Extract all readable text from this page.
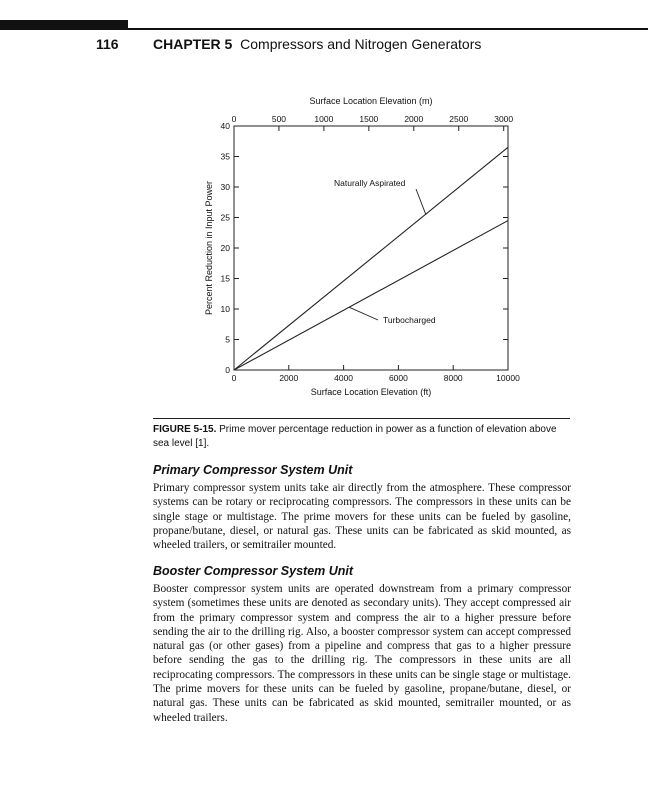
116 CHAPTER 5 Compressors and Nitrogen Generators
0	2000	4000	6000	8000	10000
0	500	1000	1500	2000	2500	3000
0
5
10
15
20
25
30
35
40
Surface Location Elevation (ft)
Surface Location Elevation (m)
Percent Reduction in Input Power	Naturally Aspirated
Turbocharged
FIGURE 5-15. Prime mover percentage reduction in power as a function of elevation above sea level [1].
Primary Compressor System Unit
Primary compressor system units take air directly from the atmosphere. These compressor systems can be rotary or reciprocating compressors. The compressors in these units can be single stage or multistage. The prime movers for these units can be fueled by gasoline, propane/butane, diesel, or natural gas. These units can be fabricated as skid mounted, as wheeled trailers, or semitrailer mounted.
Booster Compressor System Unit
Booster compressor system units are operated downstream from a primary compressor system (sometimes these units are denoted as secondary units). They accept compressed air from the primary compressor system and compress the air to a higher pressure before sending the air to the drilling rig. Also, a booster compressor system can accept compressed natural gas (or other gases) from a pipeline and compress that gas to a higher pressure before sending the gas to the drilling rig. The compressors in these units are all reciprocating compressors. The compressors in these units can be single stage or multistage. The prime movers for these units can be fueled by gasoline, propane/butane, diesel, or natural gas. These units can be fabricated as skid mounted, semitrailer mounted, or as wheeled trailers.
